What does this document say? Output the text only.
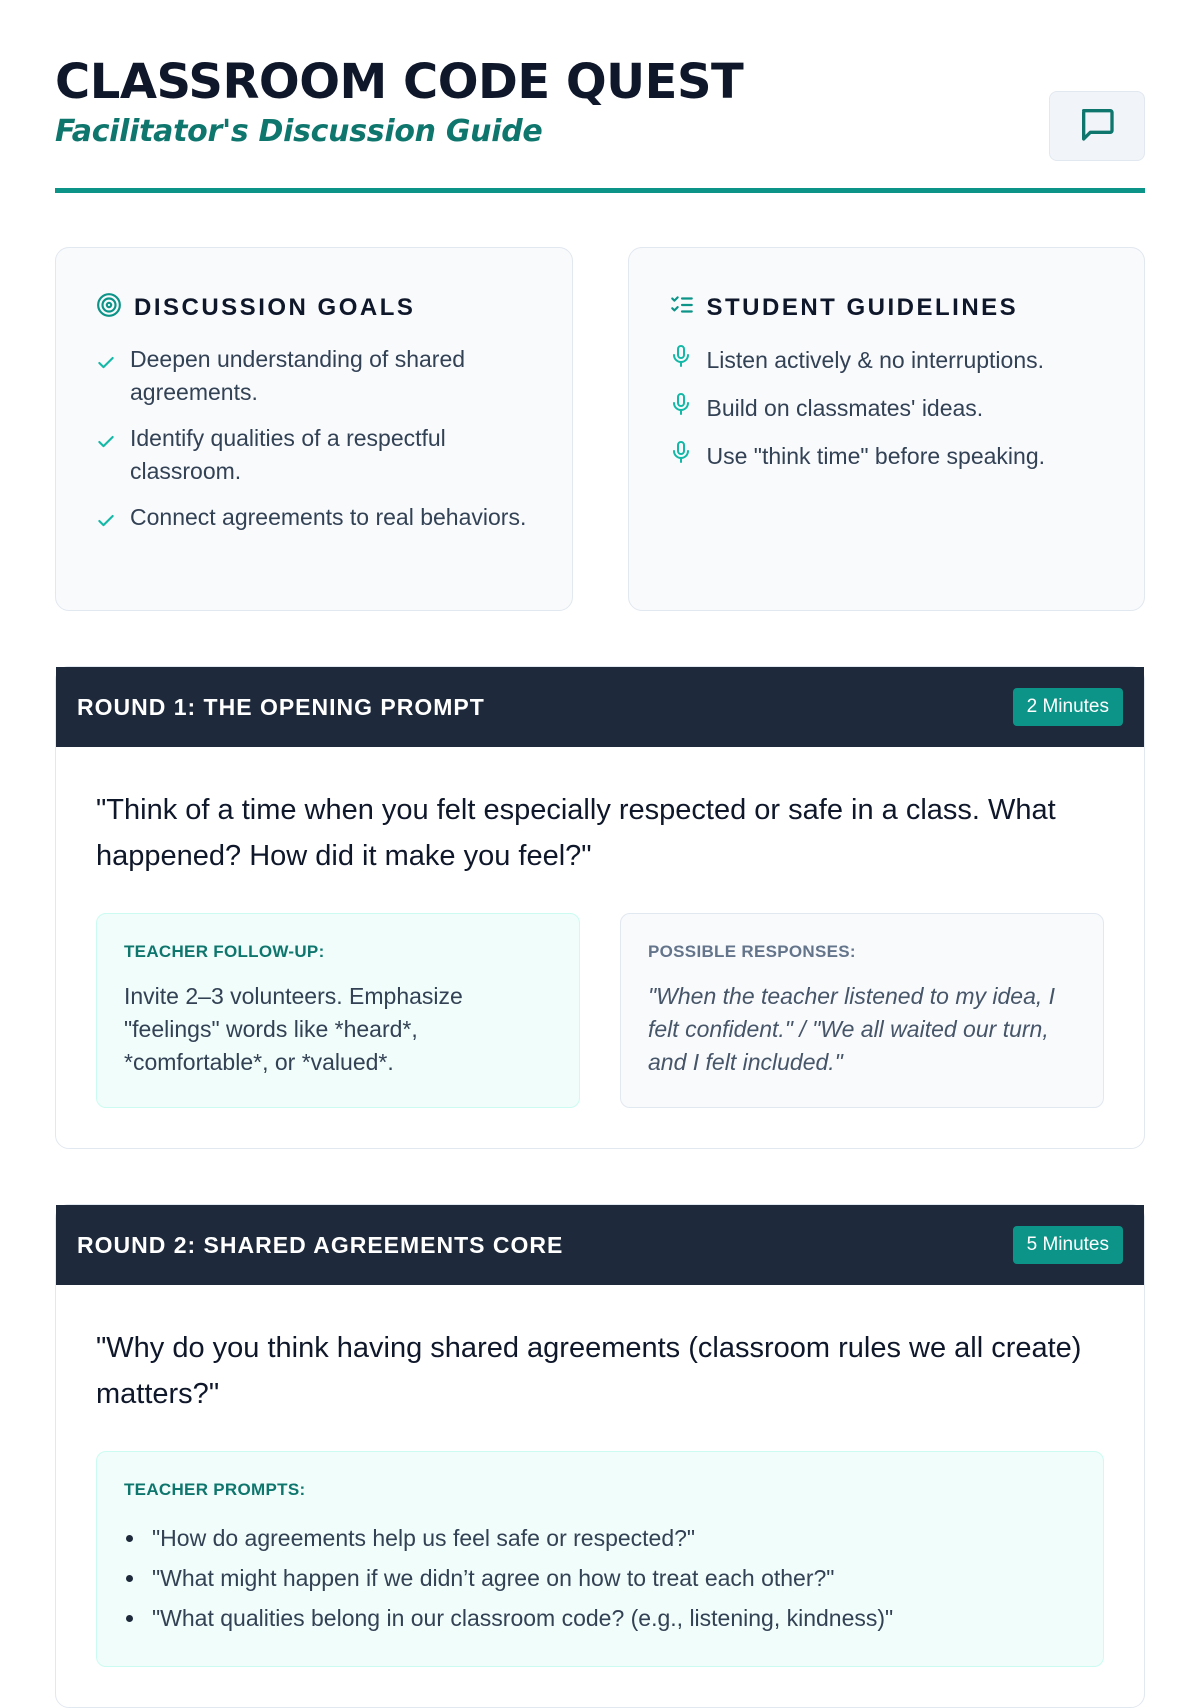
CLASSROOM CODE QUEST
Facilitator's Discussion Guide
DISCUSSION GOALS
Deepen understanding of shared agreements.
Identify qualities of a respectful classroom.
Connect agreements to real behaviors.
STUDENT GUIDELINES
Listen actively & no interruptions.
Build on classmates' ideas.
Use "think time" before speaking.
ROUND 1: THE OPENING PROMPT	2 Minutes

"Think of a time when you felt especially respected or safe in a class. What happened? How did it make you feel?"

TEACHER FOLLOW-UP:
Invite 2–3 volunteers. Emphasize "feelings" words like *heard*, *comfortable*, or *valued*.
POSSIBLE RESPONSES:
"When the teacher listened to my idea, I felt confident." / "We all waited our turn, and I felt included."
ROUND 2: SHARED AGREEMENTS CORE	5 Minutes

"Why do you think having shared agreements (classroom rules we all create) matters?"

TEACHER PROMPTS:
"How do agreements help us feel safe or respected?"
"What might happen if we didn’t agree on how to treat each other?"
"What qualities belong in our classroom code? (e.g., listening, kindness)"
